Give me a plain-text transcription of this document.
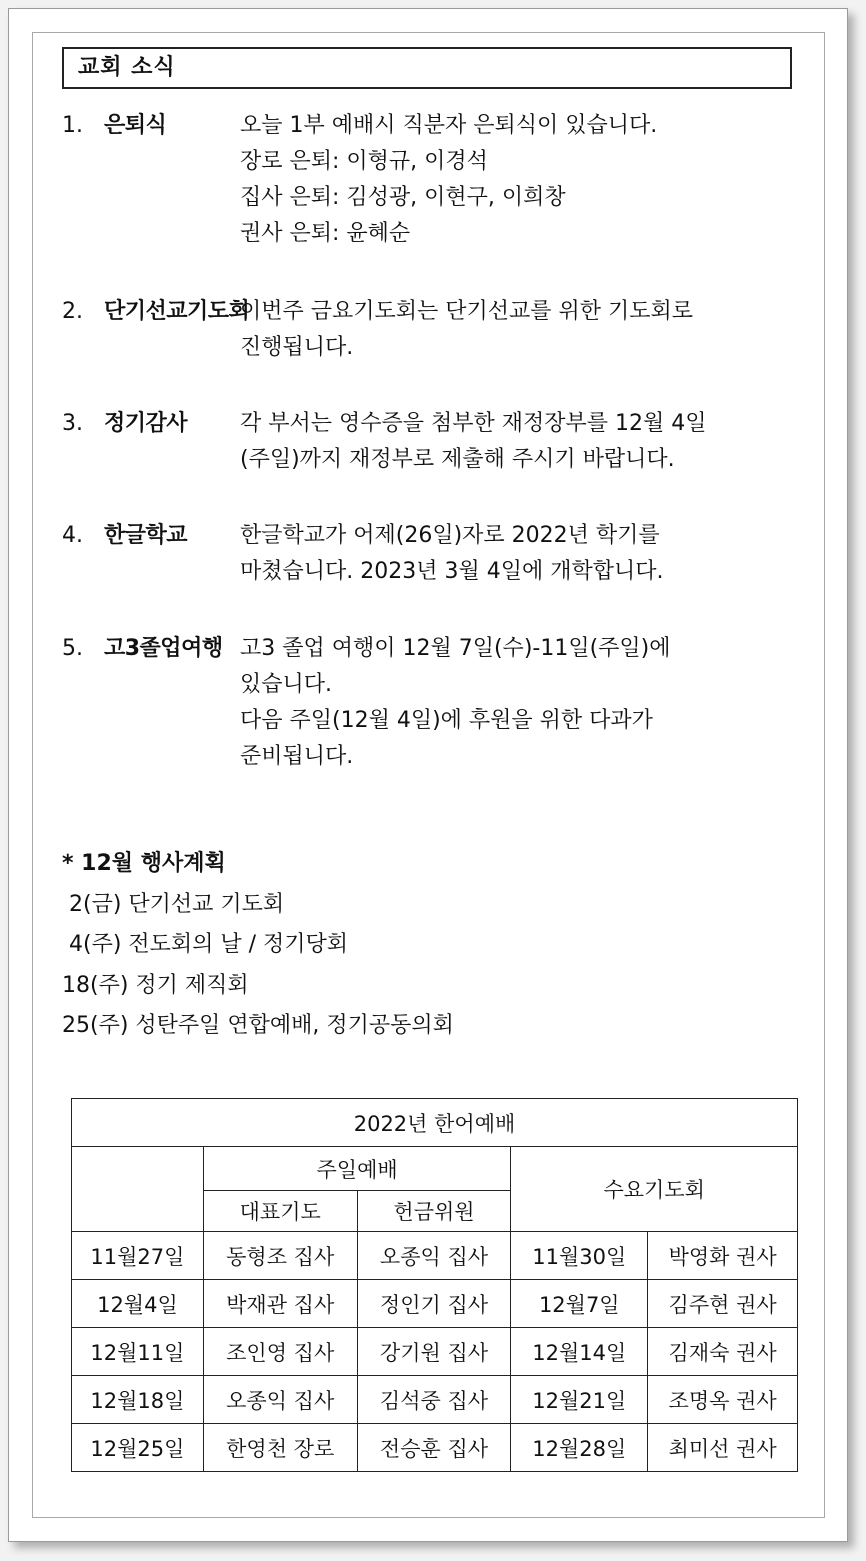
교회 소식
1. 은퇴식	오늘 1부 예배시 직분자 은퇴식이 있습니다.
장로 은퇴: 이형규, 이경석
집사 은퇴: 김성광, 이현구, 이희창
권사 은퇴: 윤혜순
2. 단기선교기도회
이번주 금요기도회는 단기선교를 위한 기도회로
진행됩니다.
3. 정기감사 각 부서는 영수증을 첨부한 재정장부를 12월 4일
(주일)까지 재정부로 제출해 주시기 바랍니다.
4. 한글학교 한글학교가 어제(26일)자로 2022년 학기를
마쳤습니다. 2023년 3월 4일에 개학합니다.
5. 고3졸업여행 고3 졸업 여행이 12월 7일(수)-11일(주일)에
있습니다.
다음 주일(12월 4일)에 후원을 위한 다과가
준비됩니다.
* 12월 행사계획
2(금) 단기선교 기도회
4(주) 전도회의 날 / 정기당회
18(주) 정기 제직회
25(주) 성탄주일 연합예배, 정기공동의회
2022년 한어예배				
	주일예배		수요기도회	
	대표기도	헌금위원		
11월27일	동형조 집사	오종익 집사	11월30일	박영화 권사
12월4일	박재관 집사	정인기 집사	12월7일	김주현 권사
12월11일	조인영 집사	강기원 집사	12월14일	김재숙 권사
12월18일	오종익 집사	김석중 집사	12월21일	조명옥 권사
12월25일	한영천 장로	전승훈 집사	12월28일	최미선 권사
